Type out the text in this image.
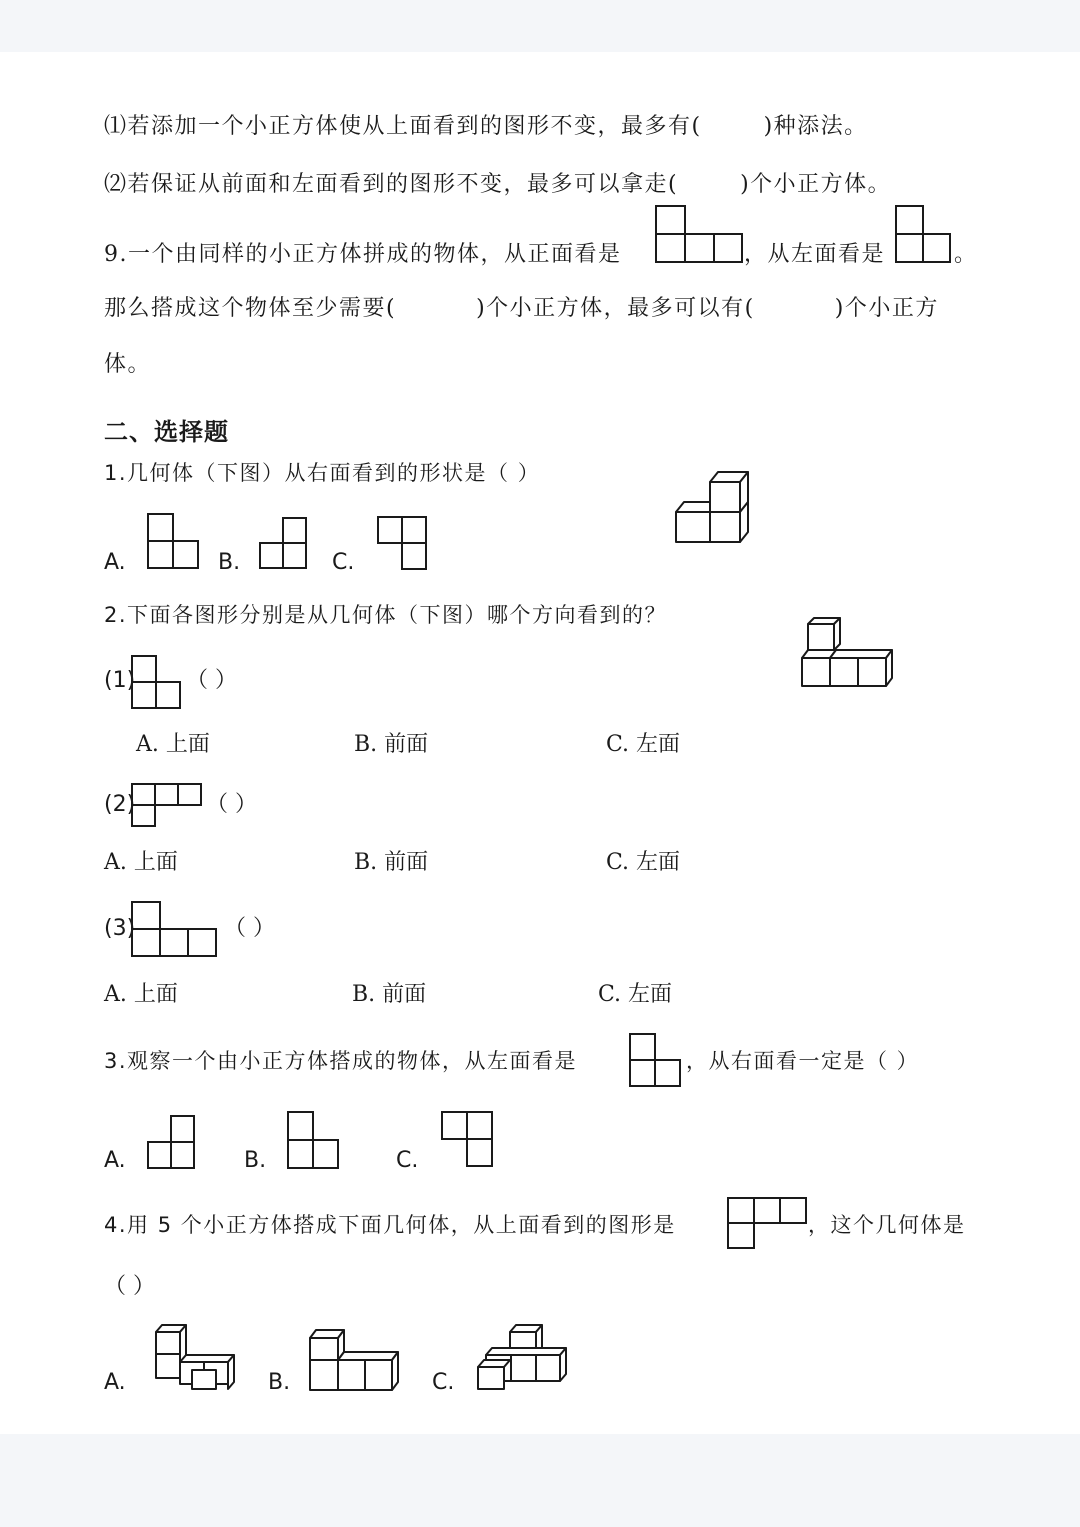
⑴若添加一个小正方体使从上面看到的图形不变，最多有(	)种添法。
⑵若保证从前面和左面看到的图形不变，最多可以拿走(	)个小正方体。
9.一个由同样的小正方体拼成的物体，从正面看是	，从左面看是	。
那么搭成这个物体至少需要(	)个小正方体，最多可以有(	)个小正方
体。
二、选择题
1.几何体（下图）从右面看到的形状是（ ）
A.	B.	C.
2.下面各图形分别是从几何体（下图）哪个方向看到的？
(1) （ ）
A. 上面	B. 前面	C. 左面
(2)	（ ）
A. 上面	B. 前面	C. 左面
(3)	（ ）
A. 上面	B. 前面	C. 左面
3.观察一个由小正方体搭成的物体，从左面看是	，从右面看一定是（ ）
A.	B.	C.
4.用 5 个小正方体搭成下面几何体，从上面看到的图形是	，这个几何体是
（ ）
A.	B.	C.
